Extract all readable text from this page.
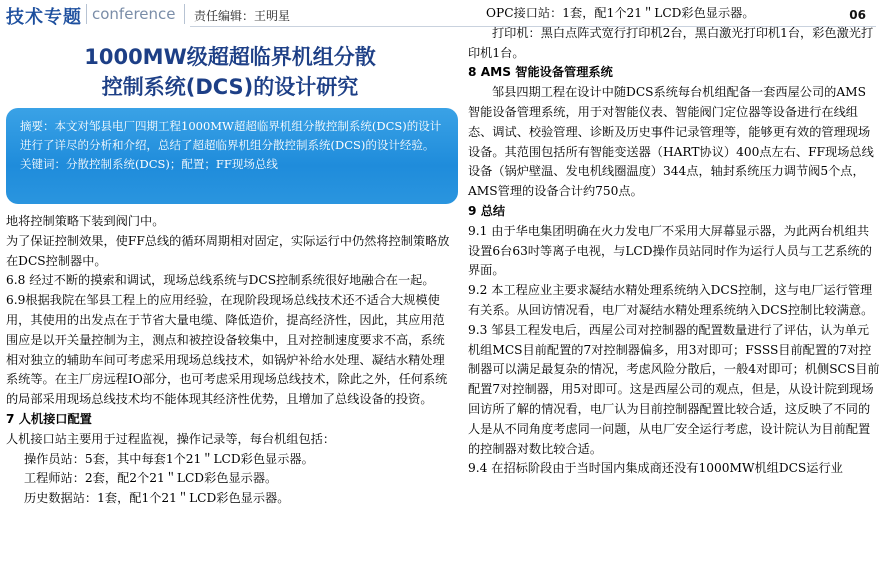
技术专题 conference 责任编辑：王明星	06
1000MW级超超临界机组分散
控制系统(DCS)的设计研究

摘要：本文对邹县电厂四期工程1000MW超超临界机组分散控制系统(DCS)的设计进行了详尽的分析和介绍，总结了超超临界机组分散控制系统(DCS)的设计经验。

关键词：分散控制系统(DCS)；配置；FF现场总线

地将控制策略下装到阀门中。

为了保证控制效果，使FF总线的循环周期相对固定，实际运行中仍然将控制策略放在DCS控制器中。

6.8 经过不断的摸索和调试，现场总线系统与DCS控制系统很好地融合在一起。

6.9根据我院在邹县工程上的应用经验，在现阶段现场总线技术还不适合大规模使用，其使用的出发点在于节省大量电缆、降低造价，提高经济性，因此，其应用范围应是以开关量控制为主，测点和被控设备较集中，且对控制速度要求不高，系统相对独立的辅助车间可考虑采用现场总线技术，如锅炉补给水处理、凝结水精处理系统等。在主厂房远程IO部分，也可考虑采用现场总线技术，除此之外，任何系统的局部采用现场总线技术均不能体现其经济性优势，且增加了总线设备的投资。

7 人机接口配置

人机接口站主要用于过程监视，操作记录等，每台机组包括：

操作员站：5套，其中每套1个21＂LCD彩色显示器。

工程师站：2套，配2个21＂LCD彩色显示器。

历史数据站：1套，配1个21＂LCD彩色显示器。

OPC接口站：1套，配1个21＂LCD彩色显示器。

打印机：黑白点阵式宽行打印机2台，黑白激光打印机1台，彩色激光打印机1台。

8 AMS 智能设备管理系统

邹县四期工程在设计中随DCS系统每台机组配备一套西屋公司的AMS 智能设备管理系统，用于对智能仪表、智能阀门定位器等设备进行在线组态、调试、校验管理、诊断及历史事件记录管理等，能够更有效的管理现场设备。其范围包括所有智能变送器（HART协议）400点左右、FF现场总线设备（锅炉壁温、发电机线圈温度）344点，轴封系统压力调节阀5个点，AMS管理的设备合计约750点。

9 总结

9.1 由于华电集团明确在火力发电厂不采用大屏幕显示器，为此两台机组共设置6台63吋等离子电视，与LCD操作员站同时作为运行人员与工艺系统的界面。

9.2 本工程应业主要求凝结水精处理系统纳入DCS控制，这与电厂运行管理有关系。从回访情况看，电厂对凝结水精处理系统纳入DCS控制比较满意。

9.3 邹县工程发电后，西屋公司对控制器的配置数量进行了评估，认为单元机组MCS目前配置的7对控制器偏多，用3对即可；FSSS目前配置的7对控制器可以满足最复杂的情况，考虑风险分散后，一般4对即可；机侧SCS目前配置7对控制器，用5对即可。这是西屋公司的观点，但是，从设计院到现场回访所了解的情况看，电厂认为目前控制器配置比较合适，这反映了不同的人是从不同角度考虑同一问题，从电厂安全运行考虑，设计院认为目前配置的控制器对数比较合适。

9.4 在招标阶段由于当时国内集成商还没有1000MW机组DCS运行业
